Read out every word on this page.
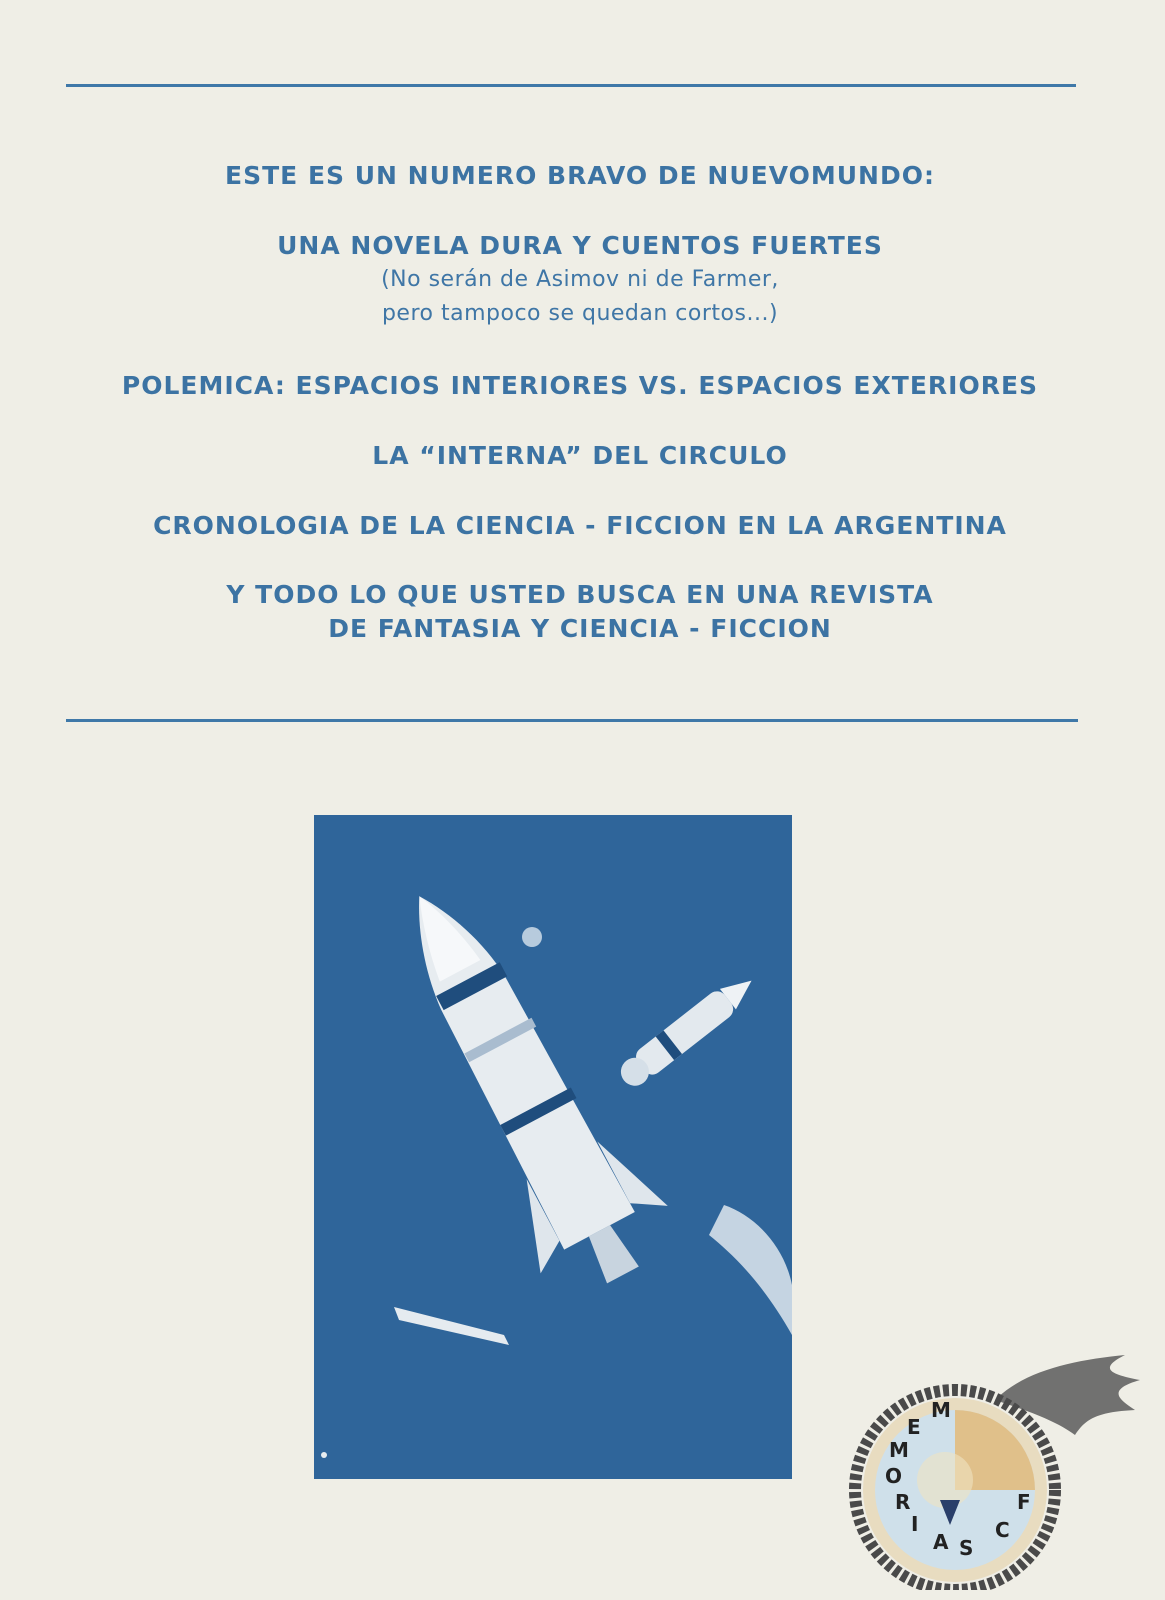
ESTE ES UN NUMERO BRAVO DE NUEVOMUNDO:
UNA NOVELA DURA Y CUENTOS FUERTES
(No serán de Asimov ni de Farmer,
pero tampoco se quedan cortos...)
POLEMICA: ESPACIOS INTERIORES VS. ESPACIOS EXTERIORES
LA “INTERNA” DEL CIRCULO
CRONOLOGIA DE LA CIENCIA - FICCION EN LA ARGENTINA
Y TODO LO QUE USTED BUSCA EN UNA REVISTA
DE FANTASIA Y CIENCIA - FICCION
M
E
M
O
R
I
A S
C
F
